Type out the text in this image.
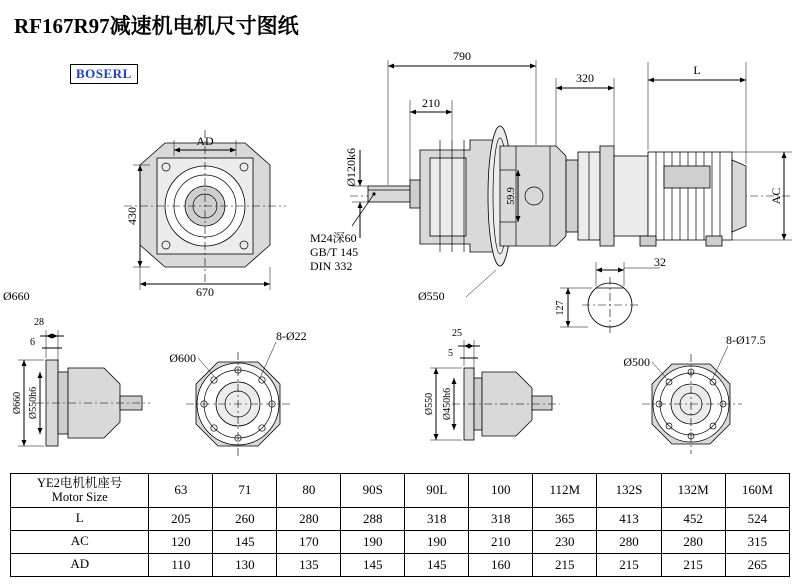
RF167R97减速机电机尺寸图纸
BOSERL
AD
430
670
790
210
Ø120k6
59.9
320
L
AC
M24深60
GB/T 145
DIN 332
Ø550
32
127
Ø660
28
6
Ø660 Ø550h6
Ø600
8-Ø22	25
5
Ø550 Ø450h6
Ø500
8-Ø17.5
YE2电机机座号
Motor Size	63	71	80	90S	90L	100	112M	132S	132M	160M
L	205	260	280	288	318	318	365	413	452	524
AC	120	145	170	190	190	210	230	280	280	315
AD	110	130	135	145	145	160	215	215	215	265
